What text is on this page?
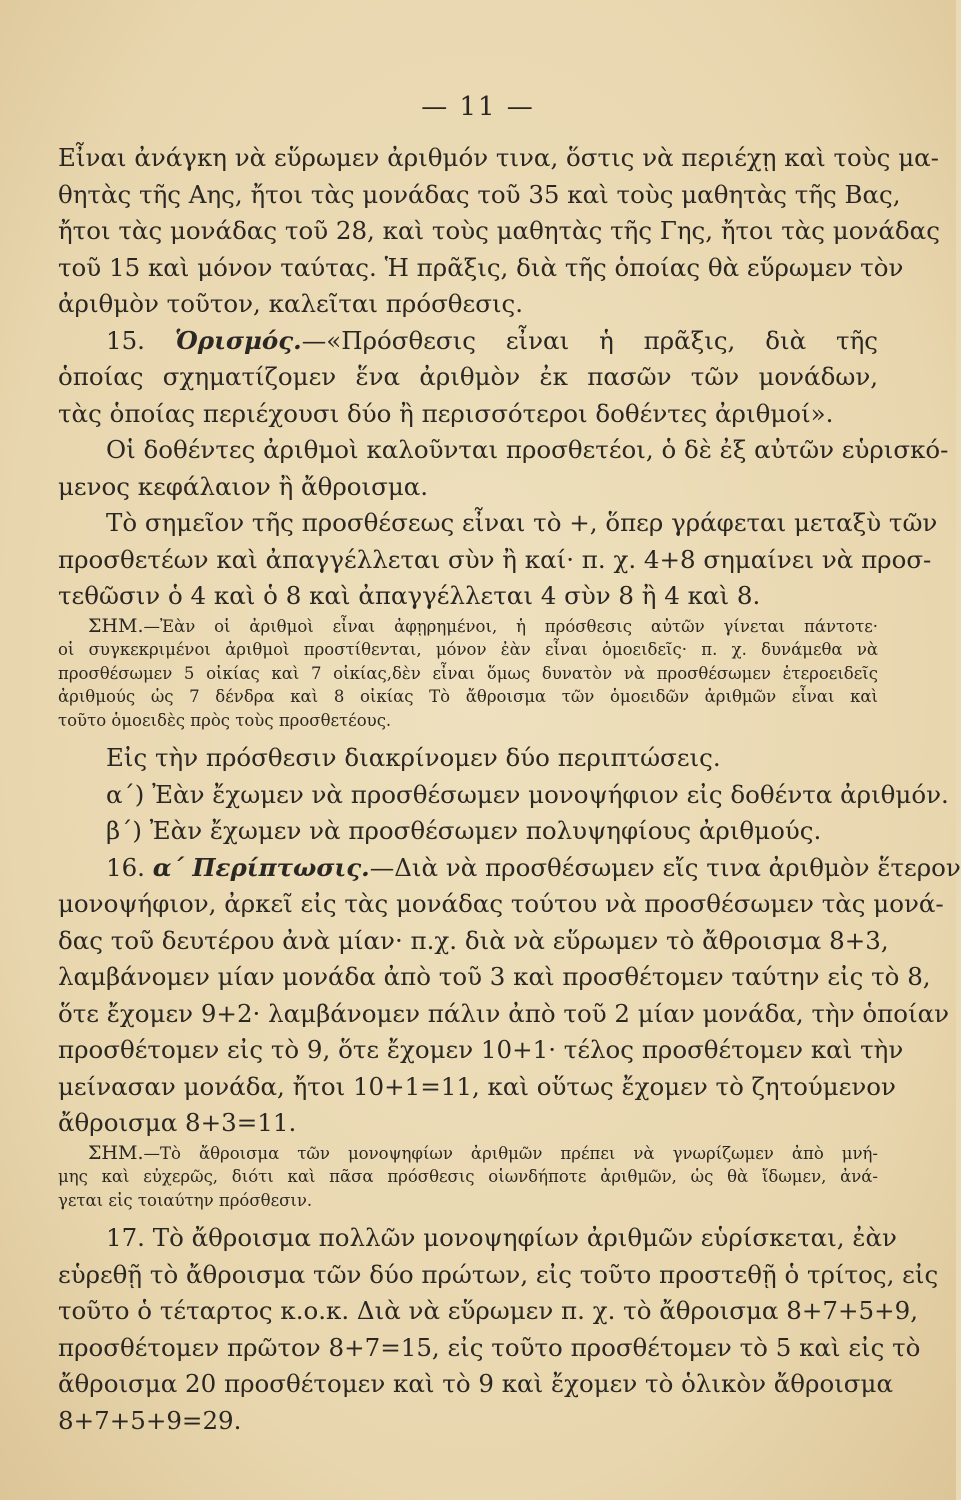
— 11 —
Εἶναι ἀνάγκη νὰ εὕρωμεν ἀριθμόν τινα, ὅστις νὰ περιέχῃ καὶ τοὺς μα-
θητὰς τῆς Αης, ἤτοι τὰς μονάδας τοῦ 35 καὶ τοὺς μαθητὰς τῆς Βας,
ἤτοι τὰς μονάδας τοῦ 28, καὶ τοὺς μαθητὰς τῆς Γης, ἤτοι τὰς μονάδας
τοῦ 15 καὶ μόνον ταύτας. Ἡ πρᾶξις, διὰ τῆς ὁποίας θὰ εὕρωμεν τὸν
ἀριθμὸν τοῦτον, καλεῖται πρόσθεσις.
15. Ὁρισμός.—«Πρόσθεσις εἶναι ἡ πρᾶξις, διὰ τῆς
ὁποίας σχηματίζομεν ἕνα ἀριθμὸν ἐκ πασῶν τῶν μονάδων,
τὰς ὁποίας περιέχουσι δύο ἢ περισσότεροι δοθέντες ἀριθμοί».
Οἱ δοθέντες ἀριθμοὶ καλοῦνται προσθετέοι, ὁ δὲ ἐξ αὐτῶν εὑρισκό-
μενος κεφάλαιον ἢ ἄθροισμα.
Τὸ σημεῖον τῆς προσθέσεως εἶναι τὸ +, ὅπερ γράφεται μεταξὺ τῶν
προσθετέων καὶ ἀπαγγέλλεται σὺν ἢ καί· π. χ. 4+8 σημαίνει νὰ προσ-
τεθῶσιν ὁ 4 καὶ ὁ 8 καὶ ἀπαγγέλλεται 4 σὺν 8 ἢ 4 καὶ 8.
ΣΗΜ.—Ἐὰν οἱ ἀριθμοὶ εἶναι ἀφῃρημένοι, ἡ πρόσθεσις αὐτῶν γίνεται πάντοτε·
οἱ συγκεκριμένοι ἀριθμοὶ προστίθενται, μόνον ἐὰν εἶναι ὁμοειδεῖς· π. χ. δυνάμεθα νὰ
προσθέσωμεν 5 οἰκίας καὶ 7 οἰκίας,δὲν εἶναι ὅμως δυνατὸν νὰ προσθέσωμεν ἑτεροειδεῖς
ἀριθμούς ὡς 7 δένδρα καὶ 8 οἰκίας Τὸ ἄθροισμα τῶν ὁμοειδῶν ἀριθμῶν εἶναι καὶ
τοῦτο ὁμοειδὲς πρὸς τοὺς προσθετέους.
Εἰς τὴν πρόσθεσιν διακρίνομεν δύο περιπτώσεις.
α΄) Ἐὰν ἔχωμεν νὰ προσθέσωμεν μονοψήφιον εἰς δοθέντα ἀριθμόν.
β΄) Ἐὰν ἔχωμεν νὰ προσθέσωμεν πολυψηφίους ἀριθμούς.
16. α΄ Περίπτωσις.—Διὰ νὰ προσθέσωμεν εἴς τινα ἀριθμὸν ἕτερον
μονοψήφιον, ἀρκεῖ εἰς τὰς μονάδας τούτου νὰ προσθέσωμεν τὰς μονά-
δας τοῦ δευτέρου ἀνὰ μίαν· π.χ. διὰ νὰ εὕρωμεν τὸ ἄθροισμα 8+3,
λαμβάνομεν μίαν μονάδα ἀπὸ τοῦ 3 καὶ προσθέτομεν ταύτην εἰς τὸ 8,
ὅτε ἔχομεν 9+2· λαμβάνομεν πάλιν ἀπὸ τοῦ 2 μίαν μονάδα, τὴν ὁποίαν
προσθέτομεν εἰς τὸ 9, ὅτε ἔχομεν 10+1· τέλος προσθέτομεν καὶ τὴν
μείνασαν μονάδα, ἤτοι 10+1=11, καὶ οὕτως ἔχομεν τὸ ζητούμενον
ἄθροισμα 8+3=11.
ΣΗΜ.—Τὸ ἄθροισμα τῶν μονοψηφίων ἀριθμῶν πρέπει νὰ γνωρίζωμεν ἀπὸ μνή-
μης καὶ εὐχερῶς, διότι καὶ πᾶσα πρόσθεσις οἱωνδήποτε ἀριθμῶν, ὡς θὰ ἴδωμεν, ἀνά-
γεται εἰς τοιαύτην πρόσθεσιν.
17. Τὸ ἄθροισμα πολλῶν μονοψηφίων ἀριθμῶν εὑρίσκεται, ἐὰν
εὑρεθῇ τὸ ἄθροισμα τῶν δύο πρώτων, εἰς τοῦτο προστεθῇ ὁ τρίτος, εἰς
τοῦτο ὁ τέταρτος κ.ο.κ. Διὰ νὰ εὕρωμεν π. χ. τὸ ἄθροισμα 8+7+5+9,
προσθέτομεν πρῶτον 8+7=15, εἰς τοῦτο προσθέτομεν τὸ 5 καὶ εἰς τὸ
ἄθροισμα 20 προσθέτομεν καὶ τὸ 9 καὶ ἔχομεν τὸ ὁλικὸν ἄθροισμα
8+7+5+9=29.
